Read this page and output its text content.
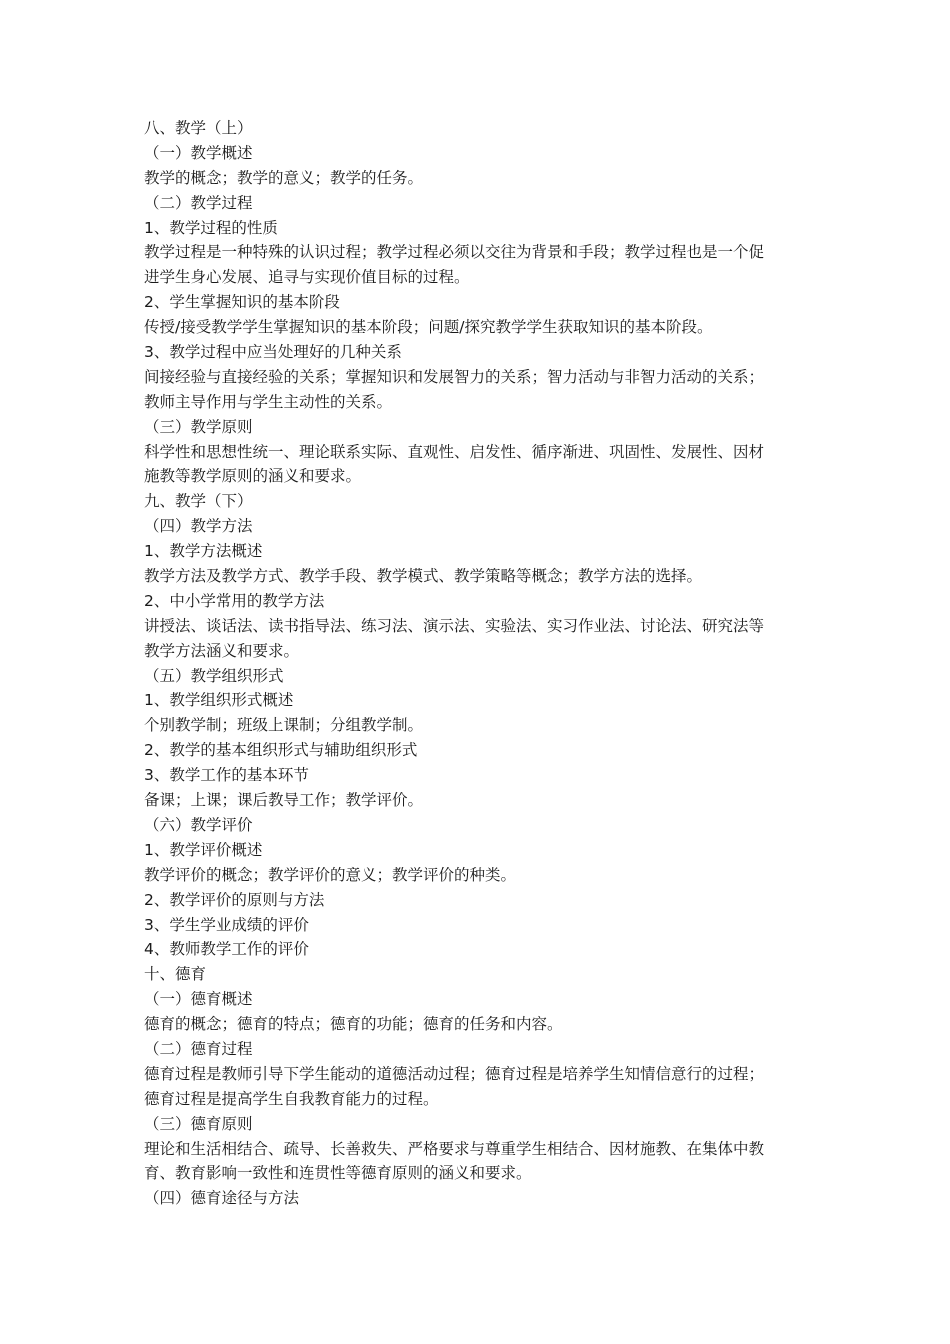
八、教学（上）
（一）教学概述
教学的概念；教学的意义；教学的任务。
（二）教学过程
1、教学过程的性质
教学过程是一种特殊的认识过程；教学过程必须以交往为背景和手段；教学过程也是一个促
进学生身心发展、追寻与实现价值目标的过程。
2、学生掌握知识的基本阶段
传授/接受教学学生掌握知识的基本阶段；问题/探究教学学生获取知识的基本阶段。
3、教学过程中应当处理好的几种关系
间接经验与直接经验的关系；掌握知识和发展智力的关系；智力活动与非智力活动的关系；
教师主导作用与学生主动性的关系。
（三）教学原则
科学性和思想性统一、理论联系实际、直观性、启发性、循序渐进、巩固性、发展性、因材
施教等教学原则的涵义和要求。
九、教学（下）
（四）教学方法
1、教学方法概述
教学方法及教学方式、教学手段、教学模式、教学策略等概念；教学方法的选择。
2、中小学常用的教学方法
讲授法、谈话法、读书指导法、练习法、演示法、实验法、实习作业法、讨论法、研究法等
教学方法涵义和要求。
（五）教学组织形式
1、教学组织形式概述
个别教学制；班级上课制；分组教学制。
2、教学的基本组织形式与辅助组织形式
3、教学工作的基本环节
备课；上课；课后教导工作；教学评价。
（六）教学评价
1、教学评价概述
教学评价的概念；教学评价的意义；教学评价的种类。
2、教学评价的原则与方法
3、学生学业成绩的评价
4、教师教学工作的评价
十、德育
（一）德育概述
德育的概念；德育的特点；德育的功能；德育的任务和内容。
（二）德育过程
德育过程是教师引导下学生能动的道德活动过程；德育过程是培养学生知情信意行的过程；
德育过程是提高学生自我教育能力的过程。
（三）德育原则
理论和生活相结合、疏导、长善救失、严格要求与尊重学生相结合、因材施教、在集体中教
育、教育影响一致性和连贯性等德育原则的涵义和要求。
（四）德育途径与方法
